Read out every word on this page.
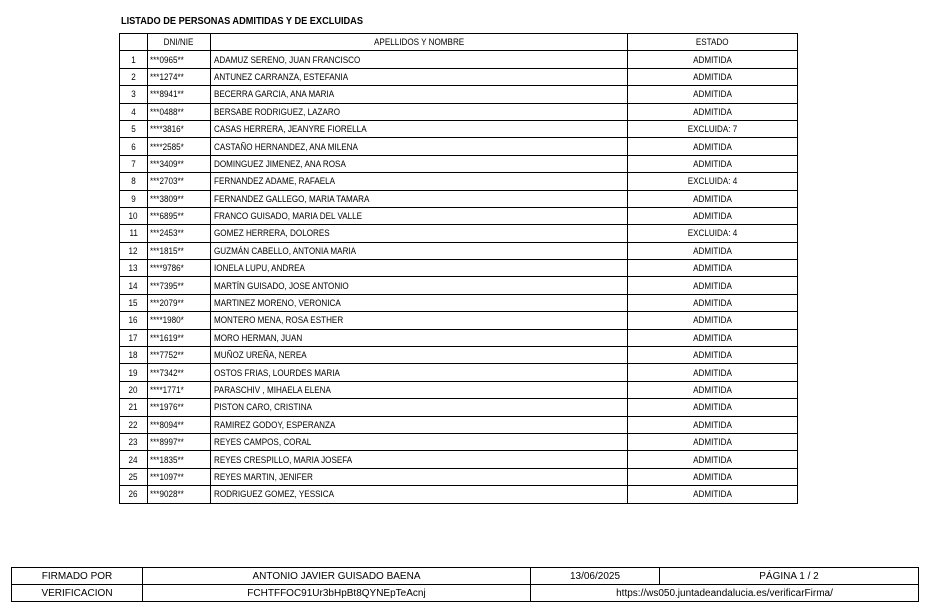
LISTADO DE PERSONAS ADMITIDAS Y DE EXCLUIDAS
	DNI/NIE	APELLIDOS Y NOMBRE	ESTADO
1	***0965**	ADAMUZ SERENO, JUAN FRANCISCO	ADMITIDA
2	***1274**	ANTUNEZ CARRANZA, ESTEFANIA	ADMITIDA
3	***8941**	BECERRA GARCIA, ANA MARIA	ADMITIDA
4	***0488**	BERSABE RODRIGUEZ, LAZARO	ADMITIDA
5	****3816*	CASAS HERRERA, JEANYRE FIORELLA	EXCLUIDA: 7
6	****2585*	CASTAÑO HERNANDEZ, ANA MILENA	ADMITIDA
7	***3409**	DOMINGUEZ JIMENEZ, ANA ROSA	ADMITIDA
8	***2703**	FERNANDEZ ADAME, RAFAELA	EXCLUIDA: 4
9	***3809**	FERNANDEZ GALLEGO, MARIA TAMARA	ADMITIDA
10	***6895**	FRANCO GUISADO, MARIA DEL VALLE	ADMITIDA
11	***2453**	GOMEZ HERRERA, DOLORES	EXCLUIDA: 4
12	***1815**	GUZMÁN CABELLO, ANTONIA MARIA	ADMITIDA
13	****9786*	IONELA LUPU, ANDREA	ADMITIDA
14	***7395**	MARTÍN GUISADO, JOSE ANTONIO	ADMITIDA
15	***2079**	MARTINEZ MORENO, VERONICA	ADMITIDA
16	****1980*	MONTERO MENA, ROSA ESTHER	ADMITIDA
17	***1619**	MORO HERMAN, JUAN	ADMITIDA
18	***7752**	MUÑOZ UREÑA, NEREA	ADMITIDA
19	***7342**	OSTOS FRIAS, LOURDES MARIA	ADMITIDA
20	****1771*	PARASCHIV , MIHAELA ELENA	ADMITIDA
21	***1976**	PISTON CARO, CRISTINA	ADMITIDA
22	***8094**	RAMIREZ GODOY, ESPERANZA	ADMITIDA
23	***8997**	REYES CAMPOS, CORAL	ADMITIDA
24	***1835**	REYES CRESPILLO, MARIA JOSEFA	ADMITIDA
25	***1097**	REYES MARTIN, JENIFER	ADMITIDA
26	***9028**	RODRIGUEZ GOMEZ, YESSICA	ADMITIDA
FIRMADO POR	ANTONIO JAVIER GUISADO BAENA	13/06/2025	PÁGINA 1 / 2
VERIFICACION	FCHTFFOC91Ur3bHpBt8QYNEpTeAcnj	https://ws050.juntadeandalucia.es/verificarFirma/	
